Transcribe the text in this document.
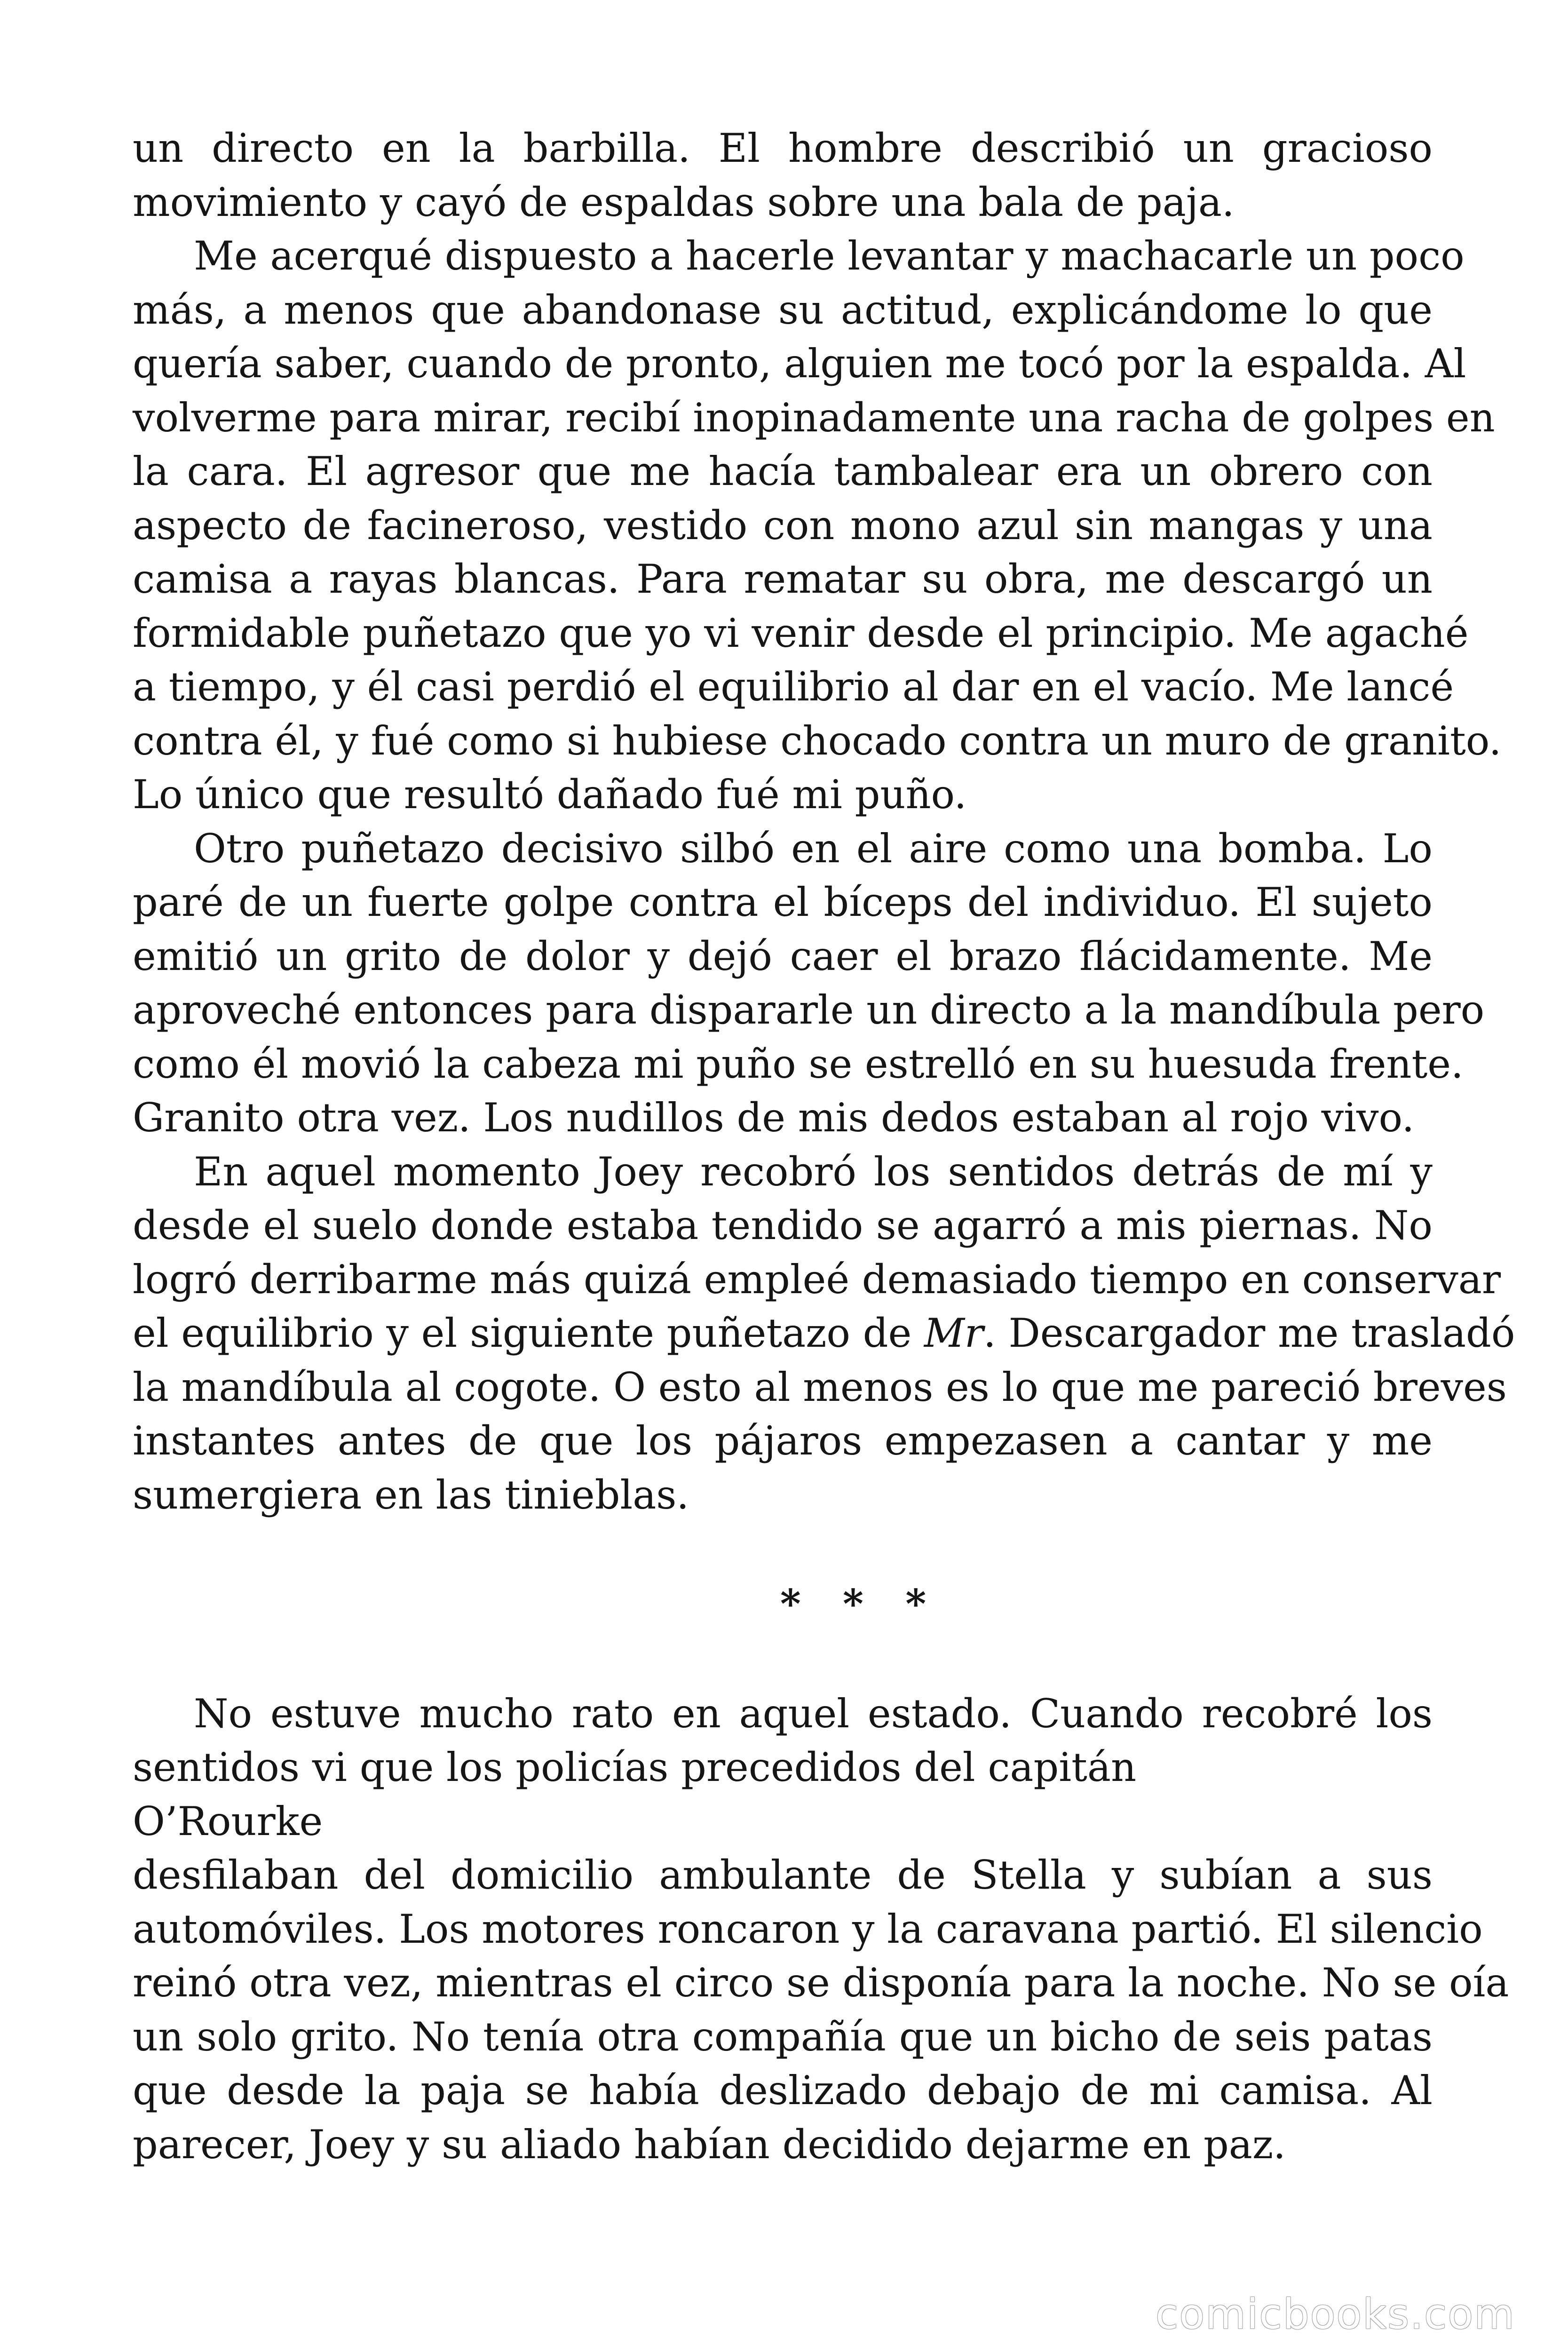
un directo en la barbilla. El hombre describió un gracioso
movimiento y cayó de espaldas sobre una bala de paja.
Me acerqué dispuesto a hacerle levantar y machacarle un poco
más, a menos que abandonase su actitud, explicándome lo que
quería saber, cuando de pronto, alguien me tocó por la espalda. Al
volverme para mirar, recibí inopinadamente una racha de golpes en
la cara. El agresor que me hacía tambalear era un obrero con
aspecto de facineroso, vestido con mono azul sin mangas y una
camisa a rayas blancas. Para rematar su obra, me descargó un
formidable puñetazo que yo vi venir desde el principio. Me agaché
a tiempo, y él casi perdió el equilibrio al dar en el vacío. Me lancé
contra él, y fué como si hubiese chocado contra un muro de granito.
Lo único que resultó dañado fué mi puño.
Otro puñetazo decisivo silbó en el aire como una bomba. Lo
paré de un fuerte golpe contra el bíceps del individuo. El sujeto
emitió un grito de dolor y dejó caer el brazo flácidamente. Me
aproveché entonces para dispararle un directo a la mandíbula pero
como él movió la cabeza mi puño se estrelló en su huesuda frente.
Granito otra vez. Los nudillos de mis dedos estaban al rojo vivo.
En aquel momento Joey recobró los sentidos detrás de mí y
desde el suelo donde estaba tendido se agarró a mis piernas. No
logró derribarme más quizá empleé demasiado tiempo en conservar
el equilibrio y el siguiente puñetazo de Mr. Descargador me trasladó
la mandíbula al cogote. O esto al menos es lo que me pareció breves
instantes antes de que los pájaros empezasen a cantar y me
sumergiera en las tinieblas.
* * *
No estuve mucho rato en aquel estado. Cuando recobré los
sentidos vi que los policías precedidos del capitán
O’Rourke
desfilaban del domicilio ambulante de Stella y subían a sus
automóviles. Los motores roncaron y la caravana partió. El silencio
reinó otra vez, mientras el circo se disponía para la noche. No se oía
un solo grito. No tenía otra compañía que un bicho de seis patas
que desde la paja se había deslizado debajo de mi camisa. Al
parecer, Joey y su aliado habían decidido dejarme en paz.
comicbooks.com
